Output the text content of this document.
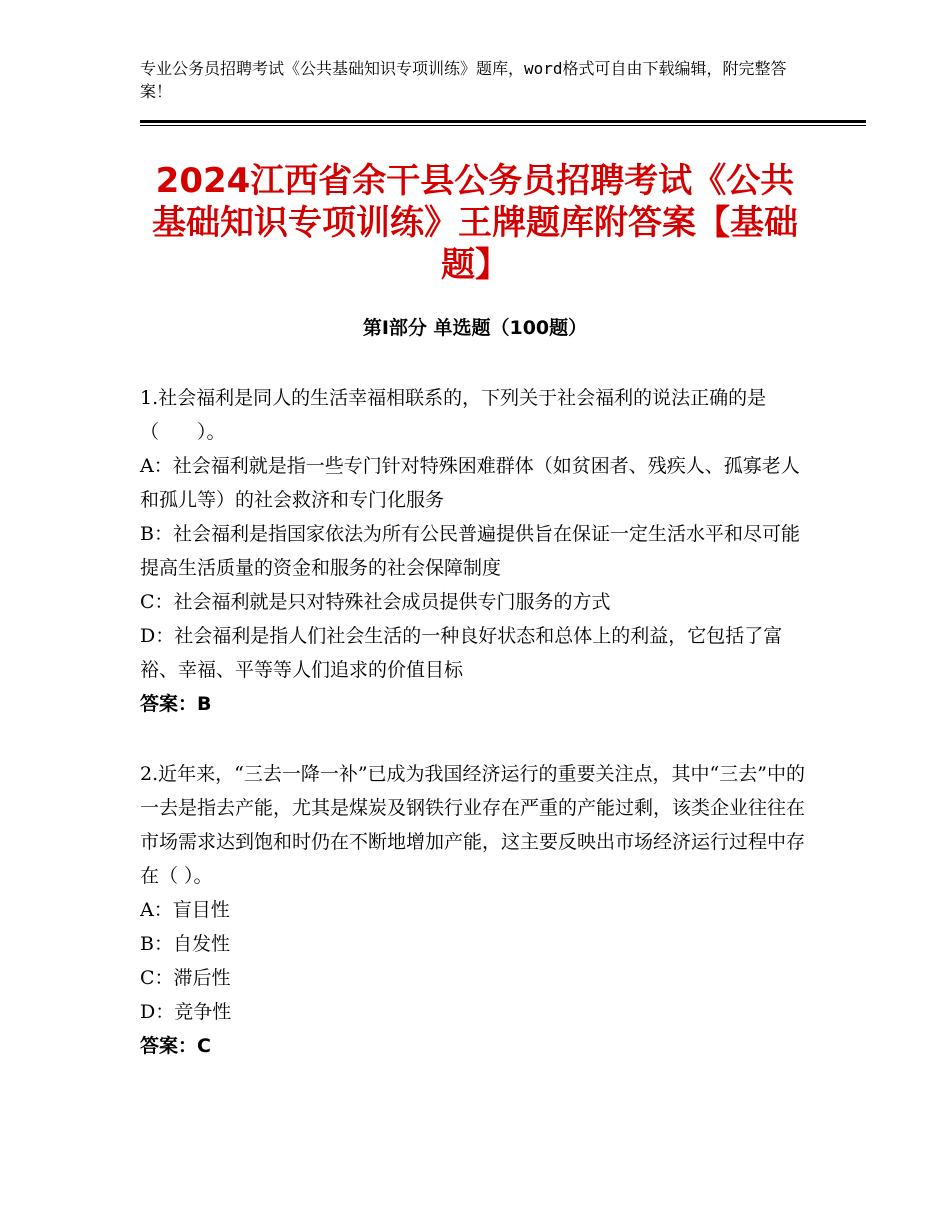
专业公务员招聘考试《公共基础知识专项训练》题库，word格式可自由下载编辑，附完整答案！
2024江西省余干县公务员招聘考试《公共基础知识专项训练》王牌题库附答案【基础题】
第Ⅰ部分 单选题（100题）

1.社会福利是同人的生活幸福相联系的，下列关于社会福利的说法正确的是（　　）。

A：社会福利就是指一些专门针对特殊困难群体（如贫困者、残疾人、孤寡老人和孤儿等）的社会救济和专门化服务

B：社会福利是指国家依法为所有公民普遍提供旨在保证一定生活水平和尽可能提高生活质量的资金和服务的社会保障制度

C：社会福利就是只对特殊社会成员提供专门服务的方式

D：社会福利是指人们社会生活的一种良好状态和总体上的利益，它包括了富裕、幸福、平等等人们追求的价值目标

答案：B

2.近年来，“三去一降一补”已成为我国经济运行的重要关注点，其中“三去”中的一去是指去产能，尤其是煤炭及钢铁行业存在严重的产能过剩，该类企业往往在市场需求达到饱和时仍在不断地增加产能，这主要反映出市场经济运行过程中存在（ ）。

A：盲目性

B：自发性

C：滞后性

D：竞争性

答案：C
